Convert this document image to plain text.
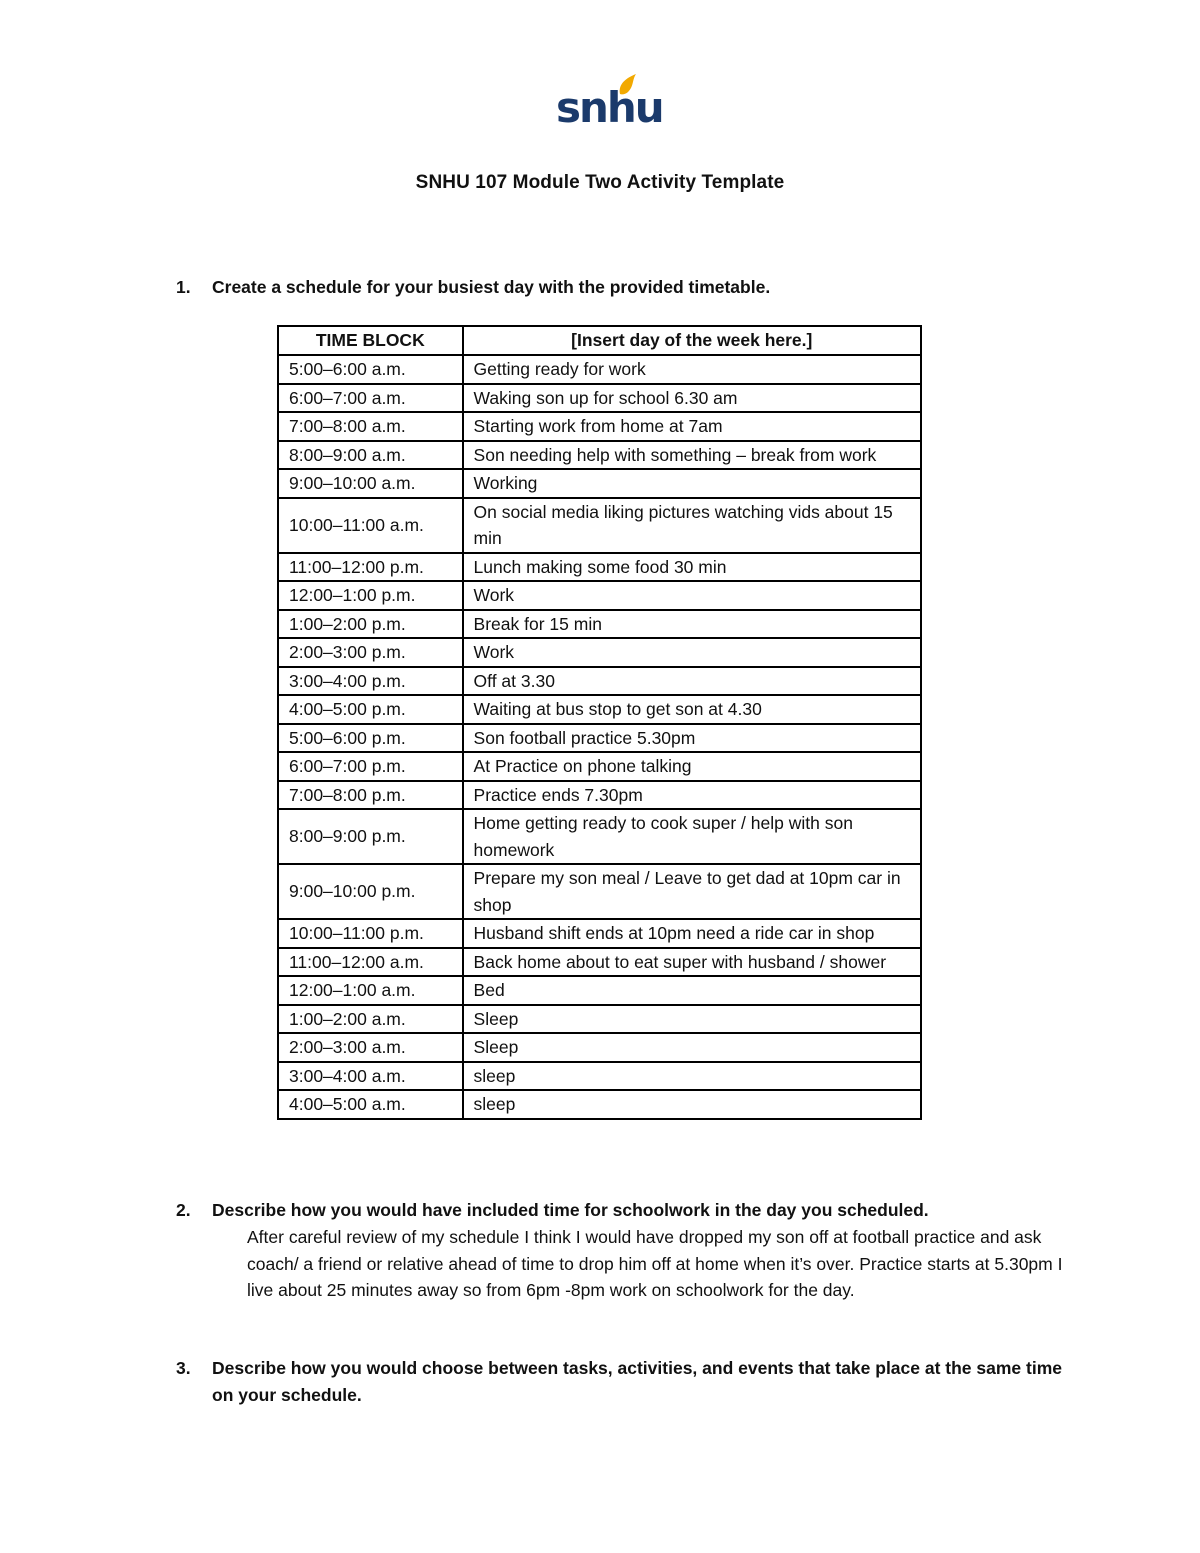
snhu
SNHU 107 Module Two Activity Template
1. Create a schedule for your busiest day with the provided timetable.
TIME BLOCK	[Insert day of the week here.]
5:00–6:00 a.m.	Getting ready for work
6:00–7:00 a.m.	Waking son up for school 6.30 am
7:00–8:00 a.m.	Starting work from home at 7am
8:00–9:00 a.m.	Son needing help with something – break from work
9:00–10:00 a.m.	Working
10:00–11:00 a.m.	On social media liking pictures watching vids about 15 min
11:00–12:00 p.m.	Lunch making some food 30 min
12:00–1:00 p.m.	Work
1:00–2:00 p.m.	Break for 15 min
2:00–3:00 p.m.	Work
3:00–4:00 p.m.	Off at 3.30
4:00–5:00 p.m.	Waiting at bus stop to get son at 4.30
5:00–6:00 p.m.	Son football practice 5.30pm
6:00–7:00 p.m.	At Practice on phone talking
7:00–8:00 p.m.	Practice ends 7.30pm
8:00–9:00 p.m.	Home getting ready to cook super / help with son homework
9:00–10:00 p.m.	Prepare my son meal / Leave to get dad at 10pm car in shop
10:00–11:00 p.m.	Husband shift ends at 10pm need a ride car in shop
11:00–12:00 a.m.	Back home about to eat super with husband / shower
12:00–1:00 a.m.	Bed
1:00–2:00 a.m.	Sleep
2:00–3:00 a.m.	Sleep
3:00–4:00 a.m.	sleep
4:00–5:00 a.m.	sleep
2. Describe how you would have included time for schoolwork in the day you scheduled.
After careful review of my schedule I think I would have dropped my son off at football practice and ask coach/ a friend or relative ahead of time to drop him off at home when it’s over. Practice starts at 5.30pm I live about 25 minutes away so from 6pm -8pm work on schoolwork for the day.
3. Describe how you would choose between tasks, activities, and events that take place at the same time on your schedule.
